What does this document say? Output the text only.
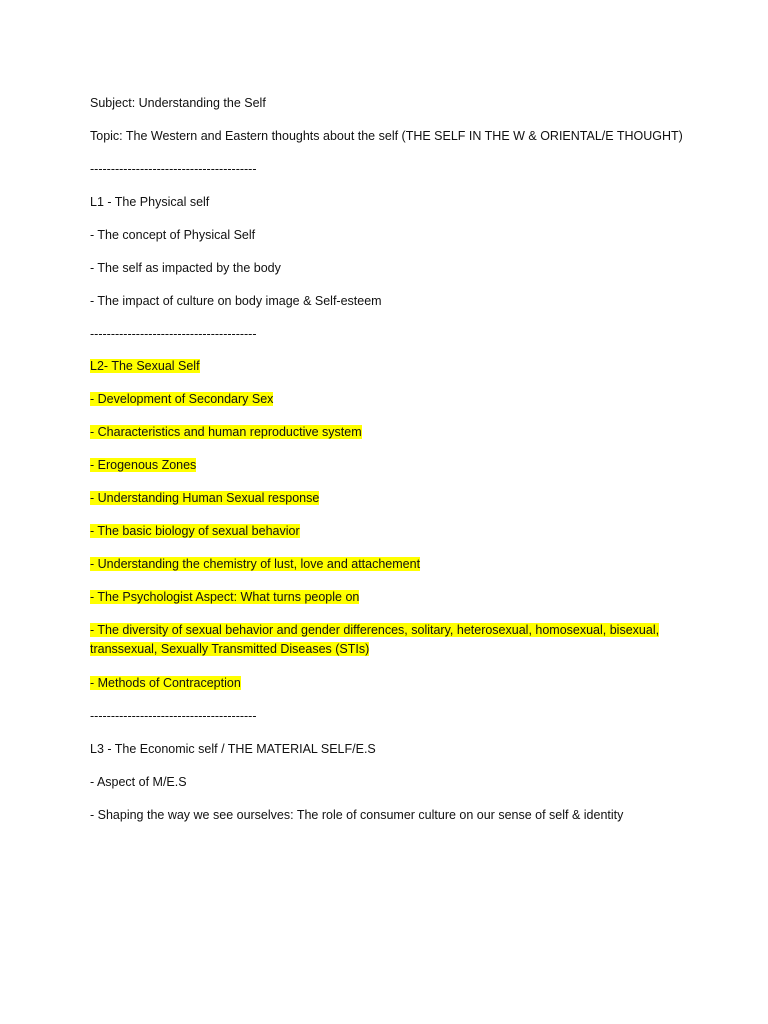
Subject: Understanding the Self

Topic: The Western and Eastern thoughts about the self (THE SELF IN THE W & ORIENTAL/E THOUGHT)

----------------------------------------

L1 - The Physical self

- The concept of Physical Self

- The self as impacted by the body

- The impact of culture on body image & Self-esteem

----------------------------------------

L2- The Sexual Self

- Development of Secondary Sex

- Characteristics and human reproductive system

- Erogenous Zones

- Understanding Human Sexual response

- The basic biology of sexual behavior

- Understanding the chemistry of lust, love and attachement

- The Psychologist Aspect: What turns people on

- The diversity of sexual behavior and gender differences, solitary, heterosexual, homosexual, bisexual,

transsexual, Sexually Transmitted Diseases (STIs)

- Methods of Contraception

----------------------------------------

L3 - The Economic self / THE MATERIAL SELF/E.S

- Aspect of M/E.S

- Shaping the way we see ourselves: The role of consumer culture on our sense of self & identity
